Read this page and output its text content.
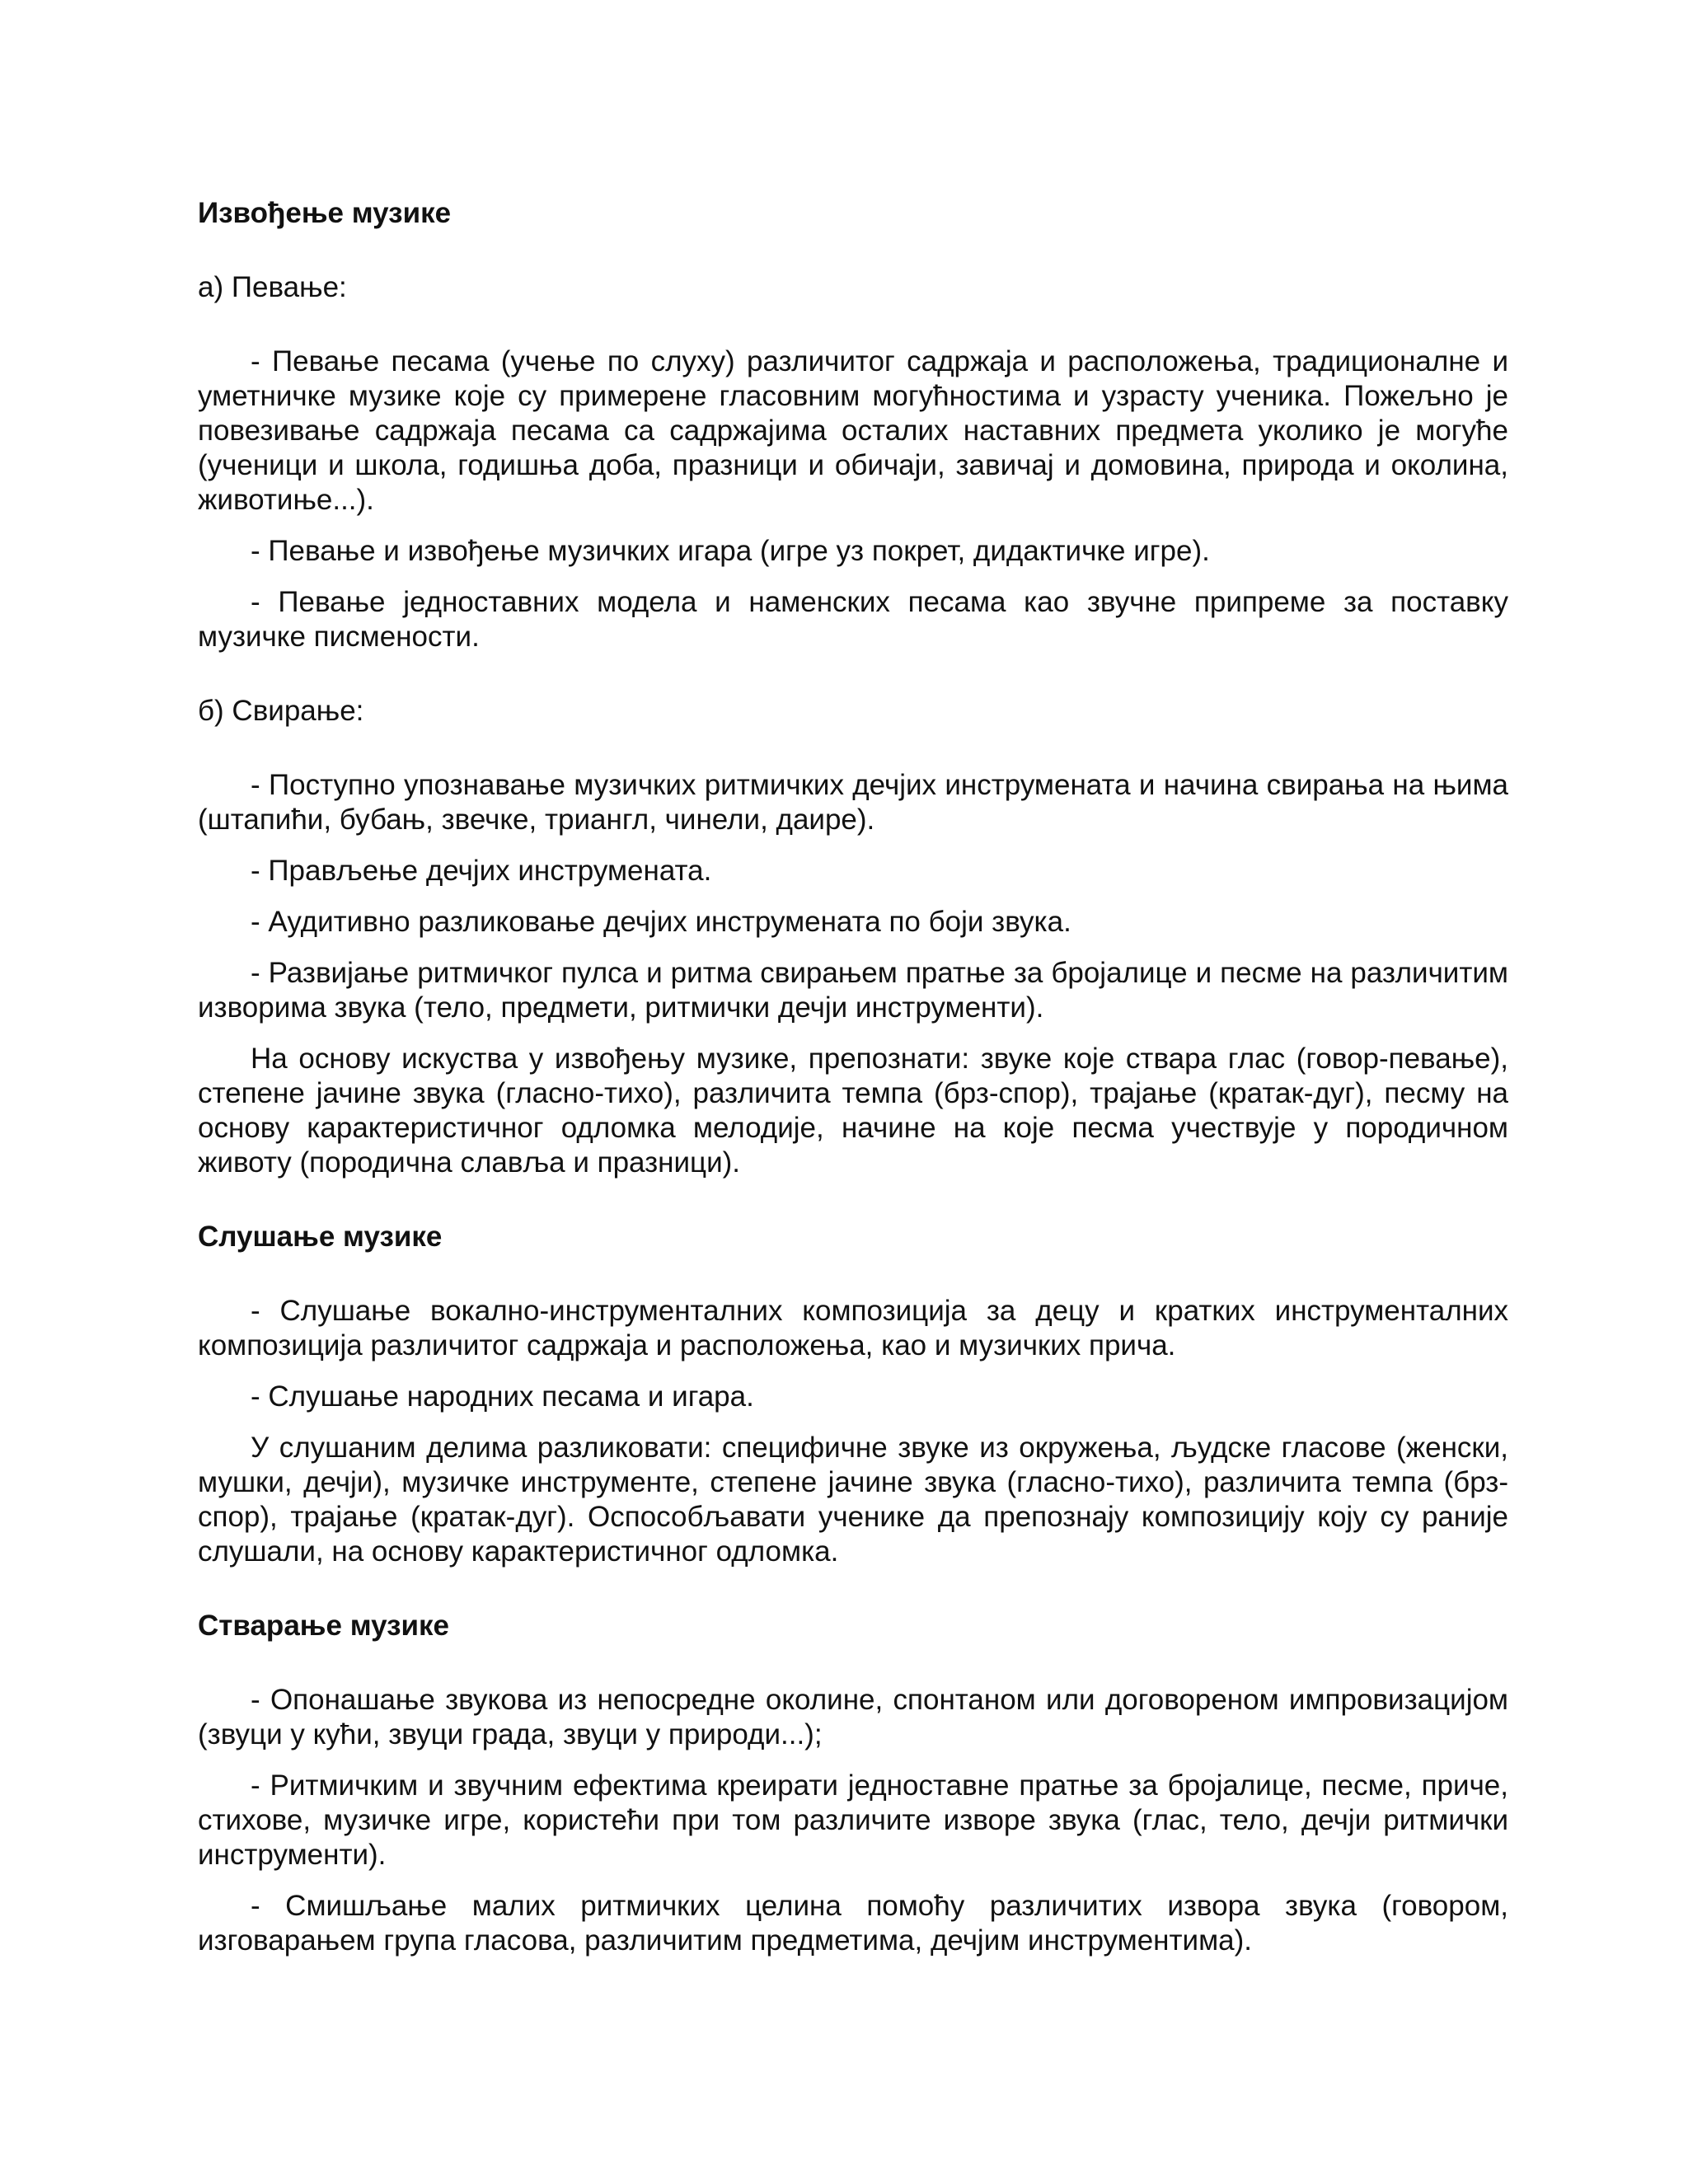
Извођење музике
а) Певање:

- Певање песама (учење по слуху) различитог садржаја и расположења, традиционалне и уметничке музике које су примерене гласовним могућностима и узрасту ученика. Пожељно је повезивање садржаја песама са садржајима осталих наставних предмета уколико је могуће (ученици и школа, годишња доба, празници и обичаји, завичај и домовина, природа и околина, животиње...).

- Певање и извођење музичких игара (игре уз покрет, дидактичке игре).

- Певање једноставних модела и наменских песама као звучне припреме за поставку музичке писмености.

б) Свирање:

- Поступно упознавање музичких ритмичких дечјих инструмената и начина свирања на њима (штапићи, бубањ, звечке, триангл, чинели, даире).

- Прављење дечјих инструмената.

- Аудитивно разликовање дечјих инструмената по боји звука.

- Развијање ритмичког пулса и ритма свирањем пратње за бројалице и песме на различитим изворима звука (тело, предмети, ритмички дечји инструменти).

На основу искуства у извођењу музике, препознати: звуке које ствара глас (говор-певање), степене јачине звука (гласно-тихо), различита темпа (брз-спор), трајање (кратак-дуг), песму на основу карактеристичног одломка мелодије, начине на које песма учествује у породичном животу (породична славља и празници).

Слушање музике

- Слушање вокално-инструменталних композиција за децу и кратких инструменталних композиција различитог садржаја и расположења, као и музичких прича.

- Слушање народних песама и игара.

У слушаним делима разликовати: специфичне звуке из окружења, људске гласове (женски, мушки, дечји), музичке инструменте, степене јачине звука (гласно-тихо), различита темпа (брз-спор), трајање (кратак-дуг). Оспособљавати ученике да препознају композицију коју су раније слушали, на основу карактеристичног одломка.

Стварање музике

- Опонашање звукова из непосредне околине, спонтаном или договореном импровизацијом (звуци у кући, звуци града, звуци у природи...);

- Ритмичким и звучним ефектима креирати једноставне пратње за бројалице, песме, приче, стихове, музичке игре, користећи при том различите изворе звука (глас, тело, дечји ритмички инструменти).

- Смишљање малих ритмичких целина помоћу различитих извора звука (говором, изговарањем група гласова, различитим предметима, дечјим инструментима).
